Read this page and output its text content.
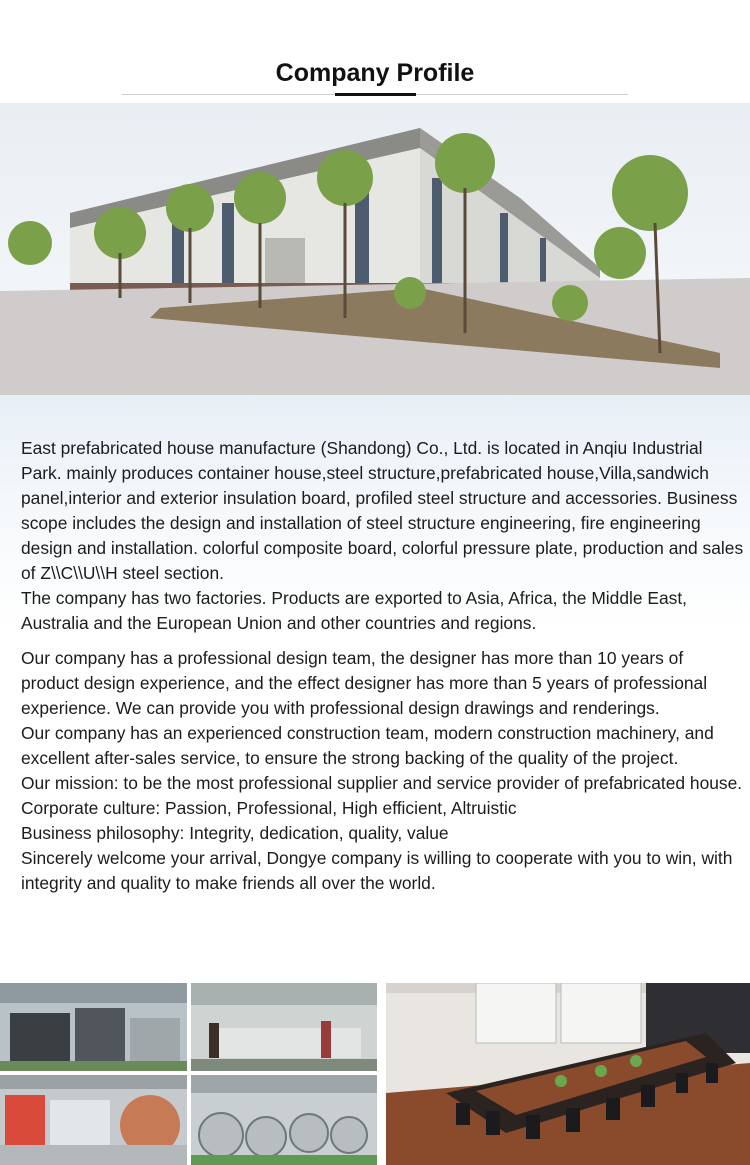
Company Profile

East prefabricated house manufacture (Shandong) Co., Ltd. is located in Anqiu Industrial Park. mainly produces container house,steel structure,prefabricated house,Villa,sandwich panel,interior and exterior insulation board, profiled steel structure and accessories. Business scope includes the design and installation of steel structure engineering, fire engineering design and installation. colorful composite board, colorful pressure plate, production and sales of Z\\C\\U\\H steel section.

The company has two factories. Products are exported to Asia, Africa, the Middle East, Australia and the European Union and other countries and regions.

Our company has a professional design team, the designer has more than 10 years of product design experience, and the effect designer has more than 5 years of professional experience. We can provide you with professional design drawings and renderings.

Our company has an experienced construction team, modern construction machinery, and excellent after-sales service, to ensure the strong backing of the quality of the project.

Our mission: to be the most professional supplier and service provider of prefabricated house.

Corporate culture: Passion, Professional, High efficient, Altruistic

Business philosophy: Integrity, dedication, quality, value

Sincerely welcome your arrival, Dongye company is willing to cooperate with you to win, with integrity and quality to make friends all over the world.
